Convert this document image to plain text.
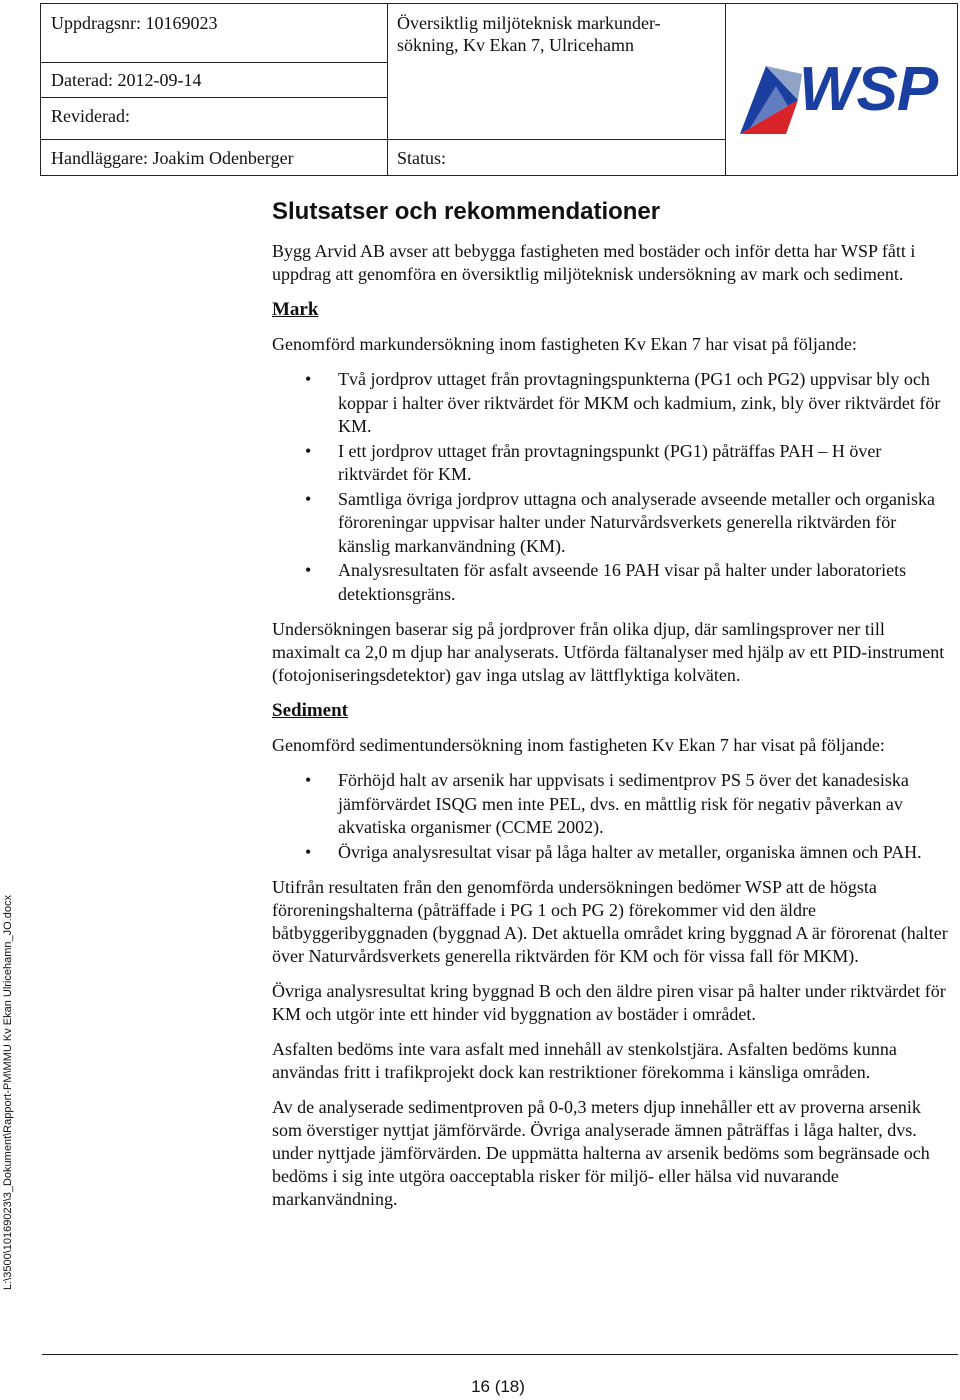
Uppdragsnr: 10169023
Daterad: 2012-09-14
Reviderad:
Handläggare: Joakim Odenberger
Översiktlig miljöteknisk markunder-
sökning, Kv Ekan 7, Ulricehamn
Status:
WSP
L:\3500\10169023\3_Dokument\Rapport-PM\MMU Kv Ekan Ulricehamn_JO.docx
Slutsatser och rekommendationer

Bygg Arvid AB avser att bebygga fastigheten med bostäder och inför detta har WSP fått i uppdrag att genomföra en översiktlig miljöteknisk undersökning av mark och sediment.

Mark

Genomförd markundersökning inom fastigheten Kv Ekan 7 har visat på följande:

• Två jordprov uttaget från provtagningspunkterna (PG1 och PG2) uppvisar bly och koppar i halter över riktvärdet för MKM och kadmium, zink, bly över riktvärdet för KM.
• I ett jordprov uttaget från provtagningspunkt (PG1) påträffas PAH – H över riktvärdet för KM.
• Samtliga övriga jordprov uttagna och analyserade avseende metaller och organiska föroreningar uppvisar halter under Naturvårdsverkets generella riktvärden för känslig markanvändning (KM).
• Analysresultaten för asfalt avseende 16 PAH visar på halter under laboratoriets detektionsgräns.

Undersökningen baserar sig på jordprover från olika djup, där samlingsprover ner till maximalt ca 2,0 m djup har analyserats. Utförda fältanalyser med hjälp av ett PID-instrument (fotojoniseringsdetektor) gav inga utslag av lättflyktiga kolväten.

Sediment

Genomförd sedimentundersökning inom fastigheten Kv Ekan 7 har visat på följande:

• Förhöjd halt av arsenik har uppvisats i sedimentprov PS 5 över det kanadesiska jämförvärdet ISQG men inte PEL, dvs. en måttlig risk för negativ påverkan av akvatiska organismer (CCME 2002).
• Övriga analysresultat visar på låga halter av metaller, organiska ämnen och PAH.

Utifrån resultaten från den genomförda undersökningen bedömer WSP att de högsta föroreningshalterna (påträffade i PG 1 och PG 2) förekommer vid den äldre båtbyggeribyggnaden (byggnad A). Det aktuella området kring byggnad A är förorenat (halter över Naturvårdsverkets generella riktvärden för KM och för vissa fall för MKM).

Övriga analysresultat kring byggnad B och den äldre piren visar på halter under riktvärdet för KM och utgör inte ett hinder vid byggnation av bostäder i området.

Asfalten bedöms inte vara asfalt med innehåll av stenkolstjära. Asfalten bedöms kunna användas fritt i trafikprojekt dock kan restriktioner förekomma i känsliga områden.

Av de analyserade sedimentproven på 0-0,3 meters djup innehåller ett av proverna arsenik som överstiger nyttjat jämförvärde. Övriga analyserade ämnen påträffas i låga halter, dvs. under nyttjade jämförvärden. De uppmätta halterna av arsenik bedöms som begränsade och bedöms i sig inte utgöra oacceptabla risker för miljö- eller hälsa vid nuvarande markanvändning.

16 (18)
